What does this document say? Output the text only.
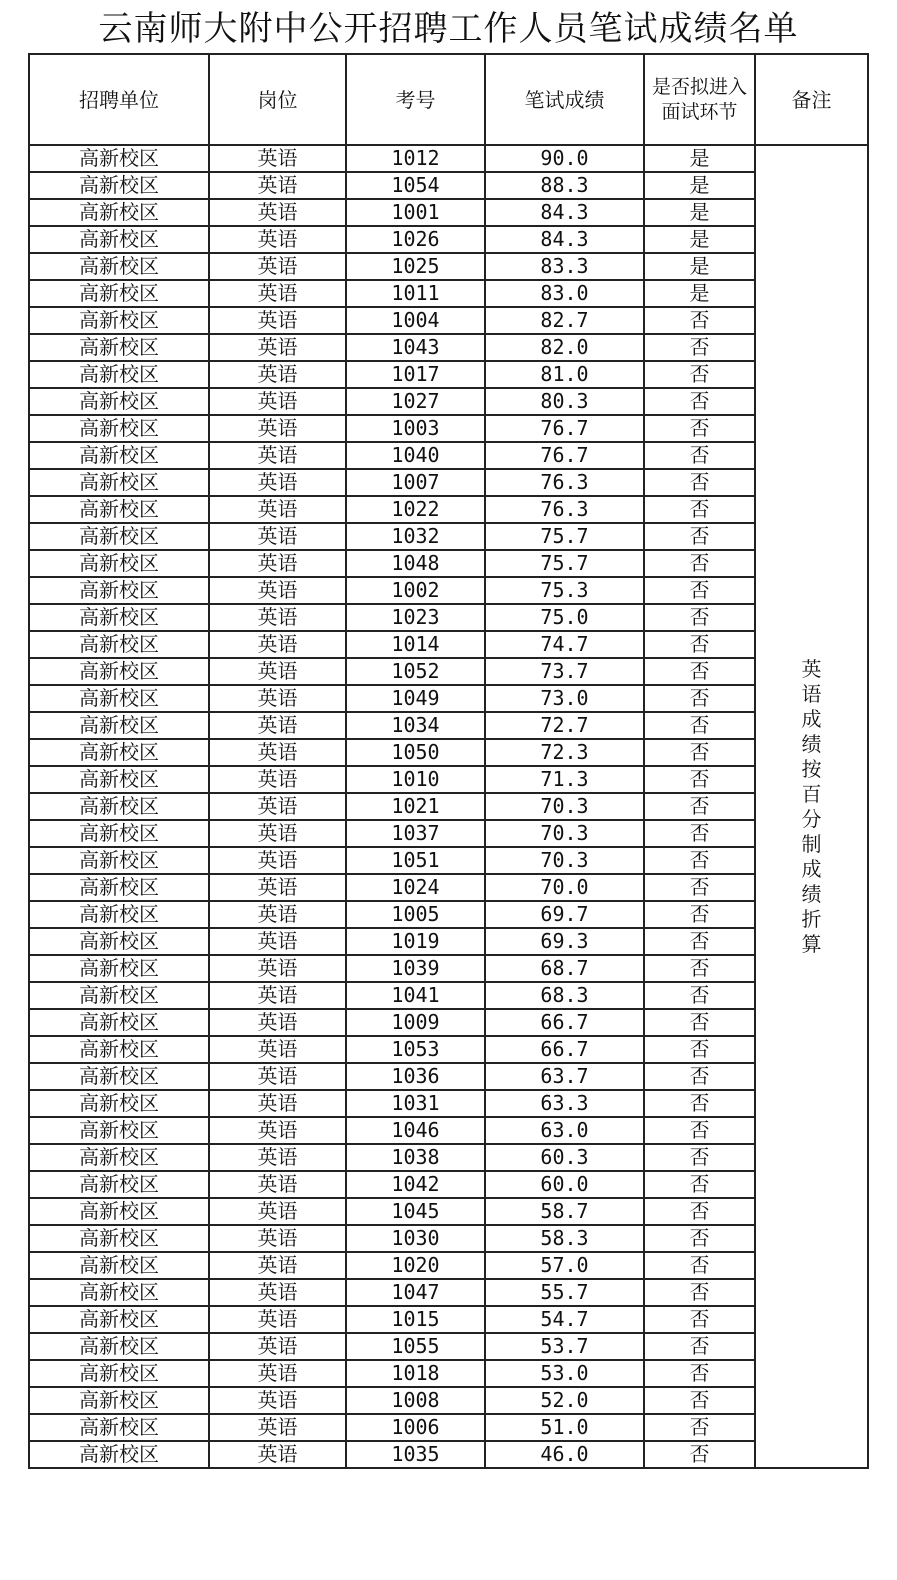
云南师大附中公开招聘工作人员笔试成绩名单
招聘单位	岗位	考号	笔试成绩	是否拟进入面试环节	备注
高新校区	英语	1012	90.0	是	英语成绩按百分制成绩折算
高新校区	英语	1054	88.3	是	
高新校区	英语	1001	84.3	是	
高新校区	英语	1026	84.3	是	
高新校区	英语	1025	83.3	是	
高新校区	英语	1011	83.0	是	
高新校区	英语	1004	82.7	否	
高新校区	英语	1043	82.0	否	
高新校区	英语	1017	81.0	否	
高新校区	英语	1027	80.3	否	
高新校区	英语	1003	76.7	否	
高新校区	英语	1040	76.7	否	
高新校区	英语	1007	76.3	否	
高新校区	英语	1022	76.3	否	
高新校区	英语	1032	75.7	否	
高新校区	英语	1048	75.7	否	
高新校区	英语	1002	75.3	否	
高新校区	英语	1023	75.0	否	
高新校区	英语	1014	74.7	否	
高新校区	英语	1052	73.7	否	
高新校区	英语	1049	73.0	否	
高新校区	英语	1034	72.7	否	
高新校区	英语	1050	72.3	否	
高新校区	英语	1010	71.3	否	
高新校区	英语	1021	70.3	否	
高新校区	英语	1037	70.3	否	
高新校区	英语	1051	70.3	否	
高新校区	英语	1024	70.0	否	
高新校区	英语	1005	69.7	否	
高新校区	英语	1019	69.3	否	
高新校区	英语	1039	68.7	否	
高新校区	英语	1041	68.3	否	
高新校区	英语	1009	66.7	否	
高新校区	英语	1053	66.7	否	
高新校区	英语	1036	63.7	否	
高新校区	英语	1031	63.3	否	
高新校区	英语	1046	63.0	否	
高新校区	英语	1038	60.3	否	
高新校区	英语	1042	60.0	否	
高新校区	英语	1045	58.7	否	
高新校区	英语	1030	58.3	否	
高新校区	英语	1020	57.0	否	
高新校区	英语	1047	55.7	否	
高新校区	英语	1015	54.7	否	
高新校区	英语	1055	53.7	否	
高新校区	英语	1018	53.0	否	
高新校区	英语	1008	52.0	否	
高新校区	英语	1006	51.0	否	
高新校区	英语	1035	46.0	否	
